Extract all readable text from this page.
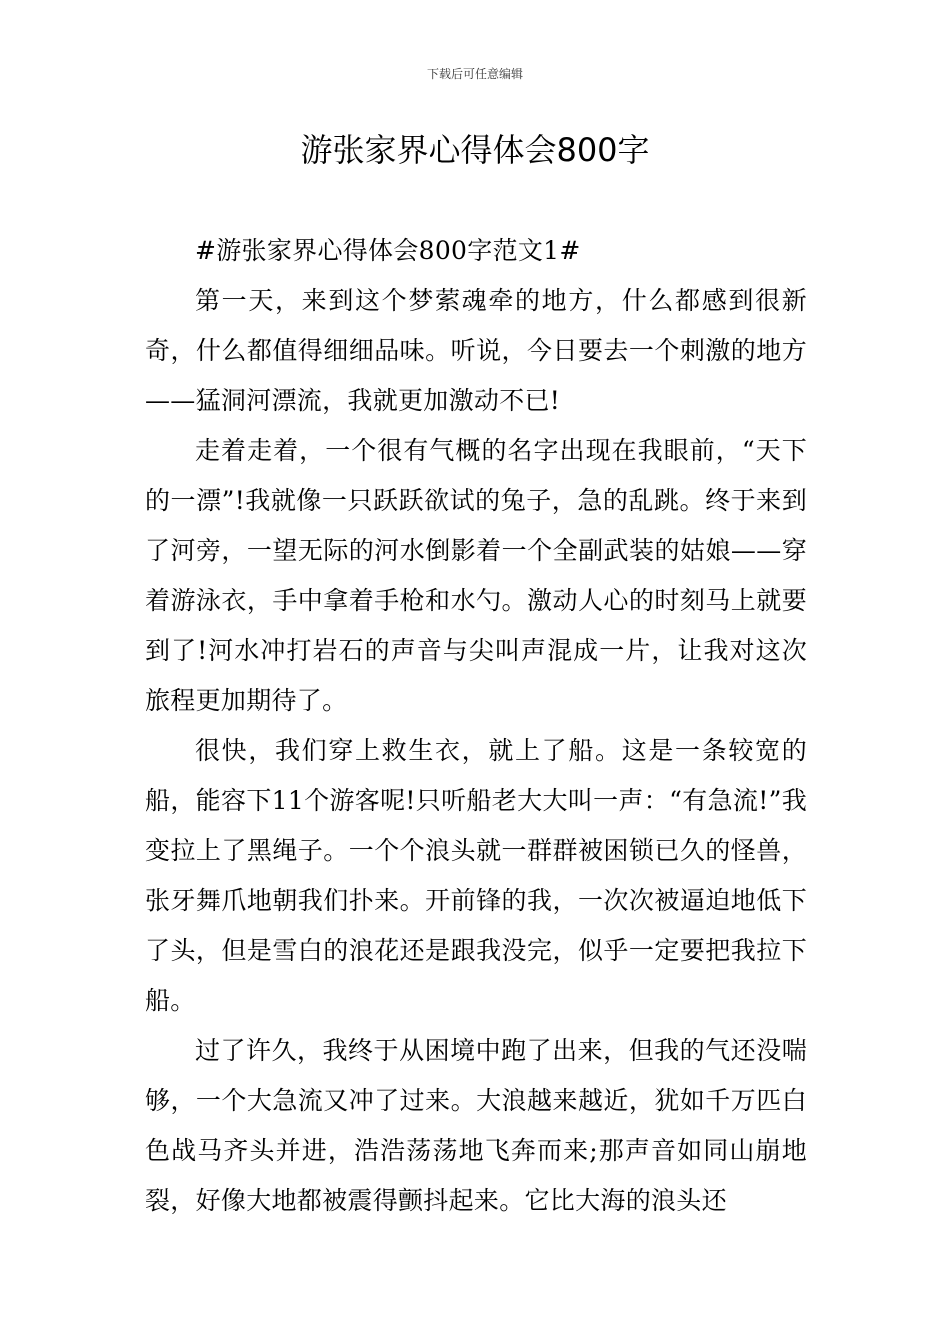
下载后可任意编辑
游张家界心得体会800字

#游张家界心得体会800字范文1#

第一天，来到这个梦萦魂牵的地方，什么都感到很新奇，什么都值得细细品味。听说，今日要去一个刺激的地方——猛洞河漂流，我就更加激动不已!

走着走着，一个很有气概的名字出现在我眼前，“天下的一漂”!我就像一只跃跃欲试的兔子，急的乱跳。终于来到了河旁，一望无际的河水倒影着一个全副武装的姑娘——穿着游泳衣，手中拿着手枪和水勺。激动人心的时刻马上就要到了!河水冲打岩石的声音与尖叫声混成一片，让我对这次旅程更加期待了。

很快，我们穿上救生衣，就上了船。这是一条较宽的船，能容下11个游客呢!只听船老大大叫一声：“有急流!”我变拉上了黑绳子。一个个浪头就一群群被困锁已久的怪兽，张牙舞爪地朝我们扑来。开前锋的我，一次次被逼迫地低下了头，但是雪白的浪花还是跟我没完，似乎一定要把我拉下船。

过了许久，我终于从困境中跑了出来，但我的气还没喘够，一个大急流又冲了过来。大浪越来越近，犹如千万匹白色战马齐头并进，浩浩荡荡地飞奔而来;那声音如同山崩地裂，好像大地都被震得颤抖起来。它比大海的浪头还
